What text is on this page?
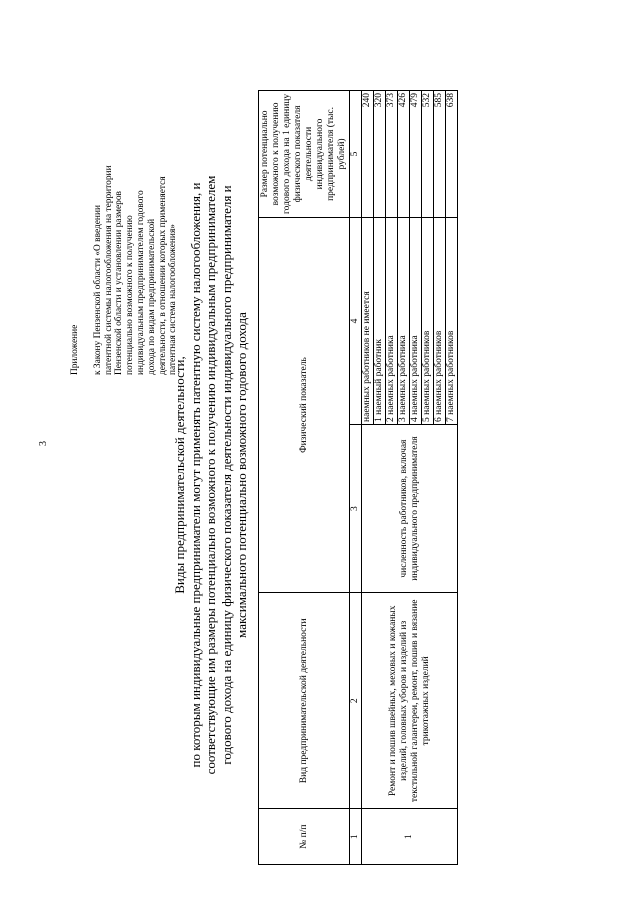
3
Приложение к Закону Пензенской области «О введении патентной системы налогообложения на территории Пензенской области и установлении размеров потенциально возможного к получению индивидуальным предпринимателем годового дохода по видам предпринимательской деятельности, в отношении которых применяется патентная система налогообложения»
Виды предпринимательской деятельности, по которым индивидуальные предприниматели могут применять патентную систему налогообложения, и соответствующие им размеры потенциально возможного к получению индивидуальным предпринимателем годового дохода на единицу физического показателя деятельности индивидуального предпринимателя и максимального потенциально возможного годового дохода
№ п/п	Вид предпринимательской деятельности	Физический показатель		Размер потенциально возможного к получению годового дохода на 1 единицу физического показателя деятельности индивидуального предпринимателя (тыс. рублей)
1	2	3	4	5
1	Ремонт и пошив швейных, меховых и кожаных изделий, головных уборов и изделий из текстильной галантереи, ремонт, пошив и вязание трикотажных изделий	численность работников, включая индивидуального предпринимателя	наемных работников не имеется	240
			1 наемный работник	320
			2 наемных работника	373
			3 наемных работника	426
			4 наемных работника	479
			5 наемных работников	532
			6 наемных работников	585
			7 наемных работников	638
